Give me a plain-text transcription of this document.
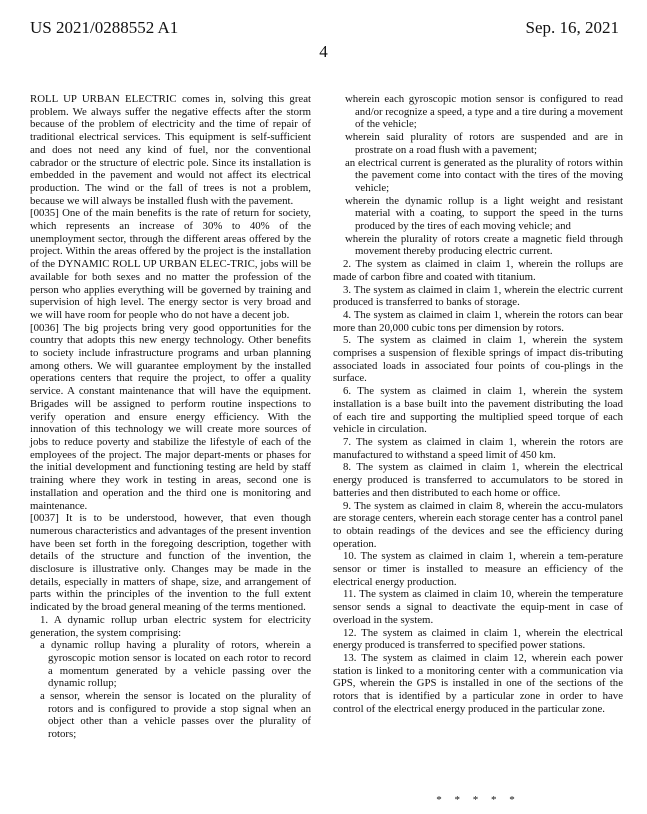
US 2021/0288552 A1	Sep. 16, 2021
4

ROLL UP URBAN ELECTRIC comes in, solving this great problem. We always suffer the negative effects after the storm because of the problem of electricity and the time of repair of traditional electrical services. This equipment is self-sufficient and does not need any kind of fuel, nor the conventional cabrador or the structure of electric pole. Since its installation is embedded in the pavement and would not affect its electrical production. The wind or the fall of trees is not a problem, because we will always be installed flush with the pavement.

[0035] One of the main benefits is the rate of return for society, which represents an increase of 30% to 40% of the unemployment sector, through the different areas offered by the project. Within the areas offered by the project is the installation of the DYNAMIC ROLL UP URBAN ELEC-TRIC, jobs will be available for both sexes and no matter the profession of the person who applies everything will be governed by training and supervision of high level. The energy sector is very broad and we will have room for people who do not have a decent job.

[0036] The big projects bring very good opportunities for the country that adopts this new energy technology. Other benefits to society include infrastructure programs and urban planning among others. We will guarantee employment by the installed operations centers that require the project, to offer a quality service. A constant maintenance that will have the equipment. Brigades will be assigned to perform routine inspections to verify operation and ensure energy efficiency. With the innovation of this technology we will create more sources of jobs to reduce poverty and stabilize the lifestyle of each of the employees of the project. The major depart-ments or phases for the initial development and functioning testing are held by staff training where they work in testing in areas, second one is installation and operation and the third one is monitoring and maintenance.

[0037] It is to be understood, however, that even though numerous characteristics and advantages of the present invention have been set forth in the foregoing description, together with details of the structure and function of the invention, the disclosure is illustrative only. Changes may be made in the details, especially in matters of shape, size, and arrangement of parts within the principles of the invention to the full extent indicated by the broad general meaning of the terms mentioned.

1. A dynamic rollup urban electric system for electricity generation, the system comprising:

a dynamic rollup having a plurality of rotors, wherein a gyroscopic motion sensor is located on each rotor to record a momentum generated by a vehicle passing over the dynamic rollup;

a sensor, wherein the sensor is located on the plurality of rotors and is configured to provide a stop signal when an object other than a vehicle passes over the plurality of rotors;

wherein each gyroscopic motion sensor is configured to read and/or recognize a speed, a type and a tire during a movement of the vehicle;

wherein said plurality of rotors are suspended and are in prostrate on a road flush with a pavement;

an electrical current is generated as the plurality of rotors within the pavement come into contact with the tires of the moving vehicle;

wherein the dynamic rollup is a light weight and resistant material with a coating, to support the speed in the turns produced by the tires of each moving vehicle; and

wherein the plurality of rotors create a magnetic field through movement thereby producing electric current.

2. The system as claimed in claim 1, wherein the rollups are made of carbon fibre and coated with titanium.

3. The system as claimed in claim 1, wherein the electric current produced is transferred to banks of storage.

4. The system as claimed in claim 1, wherein the rotors can bear more than 20,000 cubic tons per dimension by rotors.

5. The system as claimed in claim 1, wherein the system comprises a suspension of flexible springs of impact dis-tributing associated loads in associated four points of cou-plings in the surface.

6. The system as claimed in claim 1, wherein the system installation is a base built into the pavement distributing the load of each tire and supporting the multiplied speed torque of each vehicle in circulation.

7. The system as claimed in claim 1, wherein the rotors are manufactured to withstand a speed limit of 450 km.

8. The system as claimed in claim 1, wherein the electrical energy produced is transferred to accumulators to be stored in batteries and then distributed to each home or office.

9. The system as claimed in claim 8, wherein the accu-mulators are storage centers, wherein each storage center has a control panel to obtain readings of the devices and see the efficiency during operation.

10. The system as claimed in claim 1, wherein a tem-perature sensor or timer is installed to measure an efficiency of the electrical energy production.

11. The system as claimed in claim 10, wherein the temperature sensor sends a signal to deactivate the equip-ment in case of overload in the system.

12. The system as claimed in claim 1, wherein the electrical energy produced is transferred to specified power stations.

13. The system as claimed in claim 12, wherein each power station is linked to a monitoring center with a communication via GPS, wherein the GPS is installed in one of the sections of the rotors that is identified by a particular zone in order to have control of the electrical energy produced in the particular zone.

* * * * *
